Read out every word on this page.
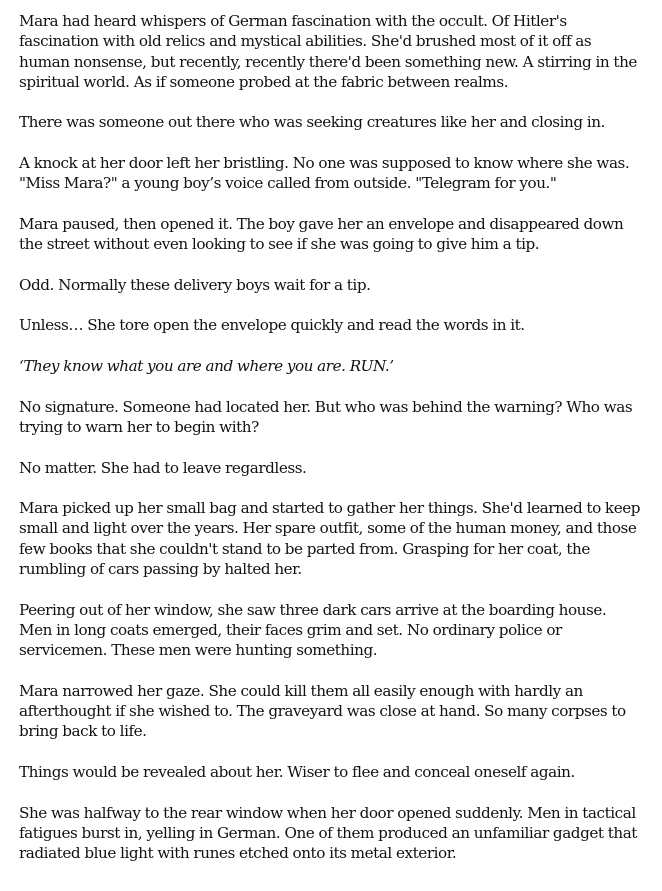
Mara had heard whispers of German fascination with the occult. Of Hitler's
fascination with old relics and mystical abilities. She'd brushed most of it off as
human nonsense, but recently, recently there'd been something new. A stirring in the
spiritual world. As if someone probed at the fabric between realms.

There was someone out there who was seeking creatures like her and closing in.

A knock at her door left her bristling. No one was supposed to know where she was.
"Miss Mara?" a young boy’s voice called from outside. "Telegram for you."

Mara paused, then opened it. The boy gave her an envelope and disappeared down
the street without even looking to see if she was going to give him a tip.

Odd. Normally these delivery boys wait for a tip.

Unless… She tore open the envelope quickly and read the words in it.

‘They know what you are and where you are. RUN.’

No signature. Someone had located her. But who was behind the warning? Who was
trying to warn her to begin with?

No matter. She had to leave regardless.

Mara picked up her small bag and started to gather her things. She'd learned to keep
small and light over the years. Her spare outfit, some of the human money, and those
few books that she couldn't stand to be parted from. Grasping for her coat, the
rumbling of cars passing by halted her.

Peering out of her window, she saw three dark cars arrive at the boarding house.
Men in long coats emerged, their faces grim and set. No ordinary police or
servicemen. These men were hunting something.

Mara narrowed her gaze. She could kill them all easily enough with hardly an
afterthought if she wished to. The graveyard was close at hand. So many corpses to
bring back to life.

Things would be revealed about her. Wiser to flee and conceal oneself again.

She was halfway to the rear window when her door opened suddenly. Men in tactical
fatigues burst in, yelling in German. One of them produced an unfamiliar gadget that
radiated blue light with runes etched onto its metal exterior.
